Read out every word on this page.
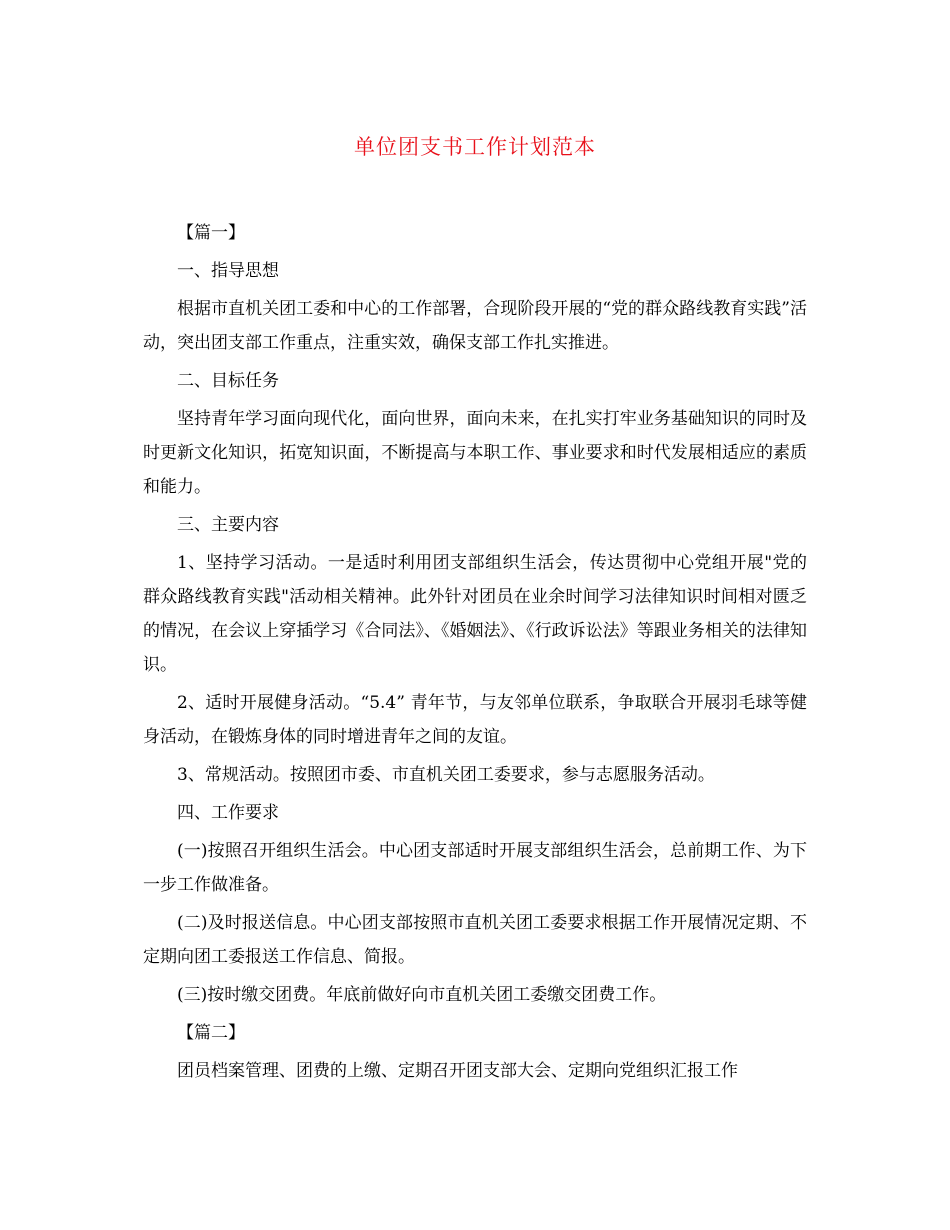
单位团支书工作计划范本

【篇一】

一、指导思想

根据市直机关团工委和中心的工作部署，合现阶段开展的“党的群众路线教育实践”活动，突出团支部工作重点，注重实效，确保支部工作扎实推进。

二、目标任务

坚持青年学习面向现代化，面向世界，面向未来，在扎实打牢业务基础知识的同时及时更新文化知识，拓宽知识面，不断提高与本职工作、事业要求和时代发展相适应的素质和能力。

三、主要内容

1、坚持学习活动。一是适时利用团支部组织生活会，传达贯彻中心党组开展"党的群众路线教育实践"活动相关精神。此外针对团员在业余时间学习法律知识时间相对匮乏的情况，在会议上穿插学习《合同法》、《婚姻法》、《行政诉讼法》等跟业务相关的法律知识。

2、适时开展健身活动。“5.4” 青年节，与友邻单位联系，争取联合开展羽毛球等健身活动，在锻炼身体的同时增进青年之间的友谊。

3、常规活动。按照团市委、市直机关团工委要求，参与志愿服务活动。

四、工作要求

(一)按照召开组织生活会。中心团支部适时开展支部组织生活会，总前期工作、为下一步工作做准备。

(二)及时报送信息。中心团支部按照市直机关团工委要求根据工作开展情况定期、不定期向团工委报送工作信息、简报。

(三)按时缴交团费。年底前做好向市直机关团工委缴交团费工作。

【篇二】

团员档案管理、团费的上缴、定期召开团支部大会、定期向党组织汇报工作
